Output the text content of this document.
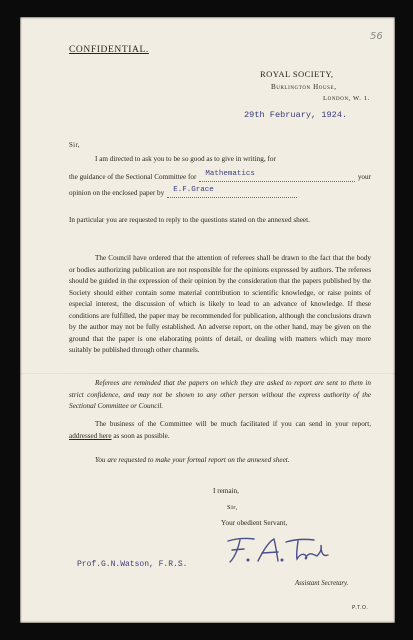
56
CONFIDENTIAL.
ROYAL SOCIETY,
Burlington House,
London, W. 1.
29th February, 1924.
Sir,
I am directed to ask you to be so good as to give in writing, for
the guidance of the Sectional Committee for Mathematics	your
opinion on the enclosed paper by E.F.Grace
In particular you are requested to reply to the questions stated on the annexed sheet.
The Council have ordered that the attention of referees shall be drawn to the fact that the body or bodies authorizing publication are not responsible for the opinions expressed by authors. The referees should be guided in the expression of their opinion by the consideration that the papers published by the Society should either contain some material contribution to scientific knowledge, or raise points of especial interest, the discussion of which is likely to lead to an advance of knowledge. If these conditions are fulfilled, the paper may be recommended for publication, although the conclusions drawn by the author may not be fully established. An adverse report, on the other hand, may be given on the ground that the paper is one elaborating points of detail, or dealing with matters which may more suitably be published through other channels.
Referees are reminded that the papers on which they are asked to report are sent to them in strict confidence, and may not be shown to any other person without the express authority of the Sectional Committee or Council.
The business of the Committee will be much facilitated if you can send in your report, addressed here as soon as possible.
You are requested to make your formal report on the annexed sheet.
I remain,
Sir,
Your obedient Servant,
Assistant Secretary.
Prof.G.N.Watson, F.R.S.
P.T.O.
